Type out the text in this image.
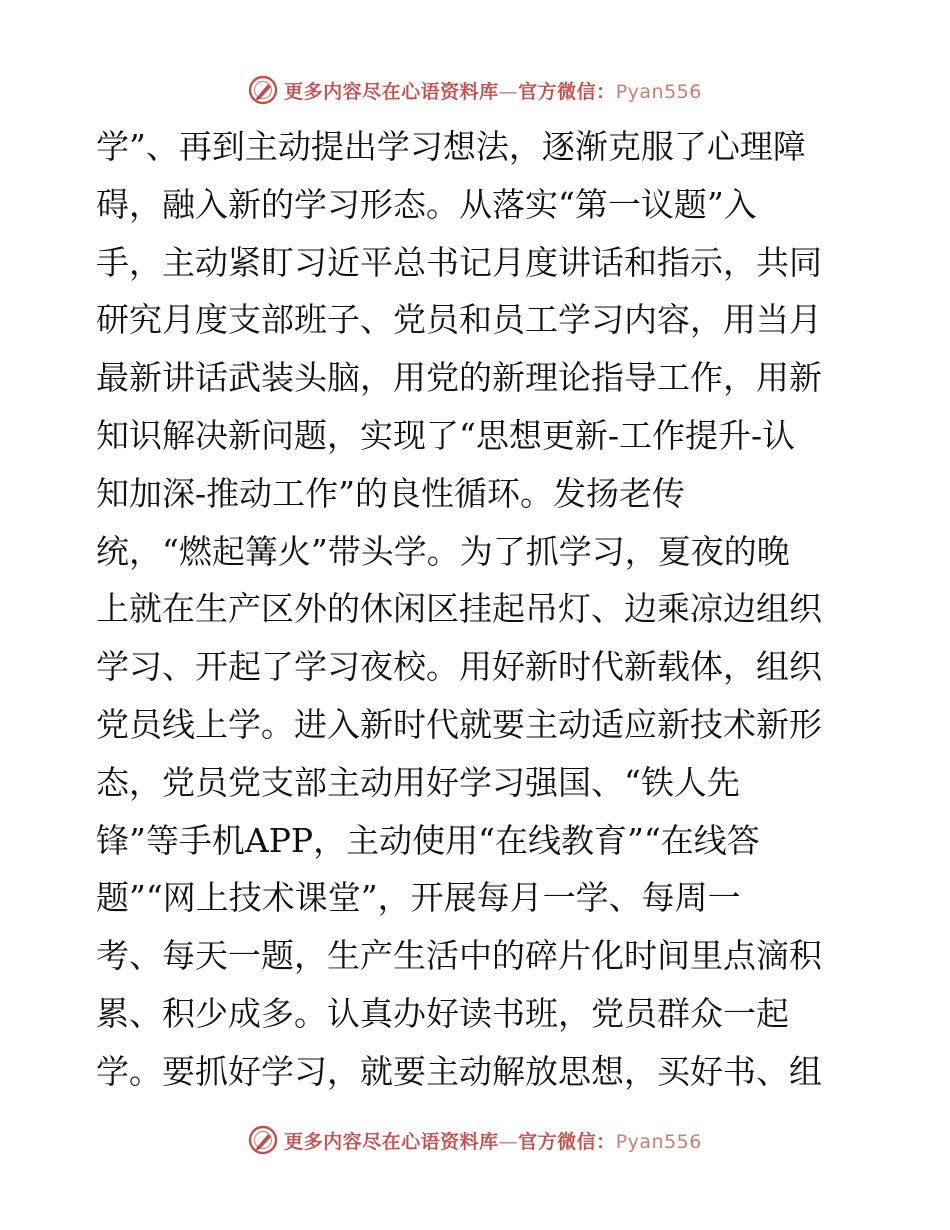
更多内容尽在心语资料库—官方微信：Pyan556
学”、再到主动提出学习想法，逐渐克服了心理障
碍，融入新的学习形态。从落实“第一议题”入
手，主动紧盯习近平总书记月度讲话和指示，共同
研究月度支部班子、党员和员工学习内容，用当月
最新讲话武装头脑，用党的新理论指导工作，用新
知识解决新问题，实现了“思想更新-工作提升-认
知加深-推动工作”的良性循环。发扬老传
统，“燃起篝火”带头学。为了抓学习，夏夜的晚
上就在生产区外的休闲区挂起吊灯、边乘凉边组织
学习、开起了学习夜校。用好新时代新载体，组织
党员线上学。进入新时代就要主动适应新技术新形
态，党员党支部主动用好学习强国、“铁人先
锋”等手机APP，主动使用“在线教育”“在线答
题”“网上技术课堂”，开展每月一学、每周一
考、每天一题，生产生活中的碎片化时间里点滴积
累、积少成多。认真办好读书班，党员群众一起
学。要抓好学习，就要主动解放思想，买好书、组
更多内容尽在心语资料库—官方微信：Pyan556
